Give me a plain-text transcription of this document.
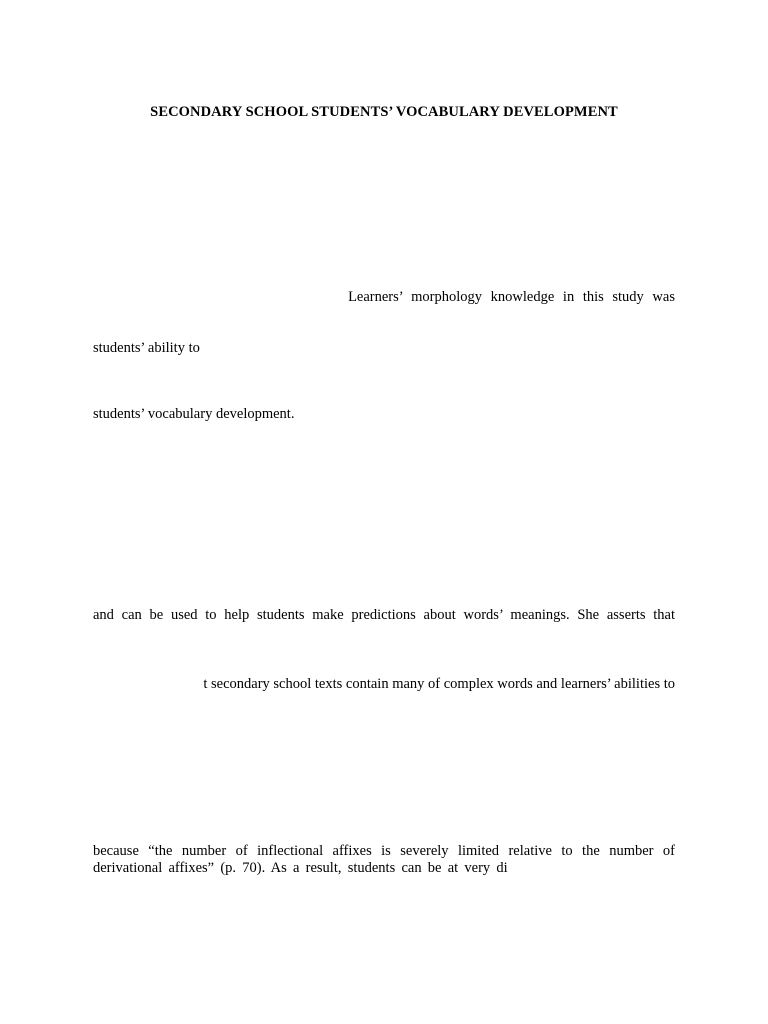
SECONDARY SCHOOL STUDENTS’ VOCABULARY DEVELOPMENT
Learners’ morphology knowledge in this study was
students’ ability to
students’ vocabulary development.
and can be used to help students make predictions about words’ meanings. She asserts that
t secondary school texts contain many of complex words and learners’ abilities to
because “the number of inflectional affixes is severely limited relative to the number of
derivational affixes” (p. 70). As a result, students can be at very di
